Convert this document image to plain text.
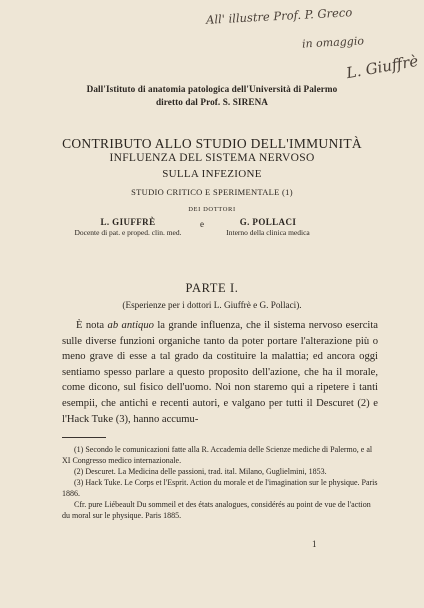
All' illustre Prof. P. Greco
in omaggio
L. Giuffrè
Dall'Istituto di anatomia patologica dell'Università di Palermo
diretto dal Prof. S. SIRENA
CONTRIBUTO ALLO STUDIO DELL'IMMUNITÀ
INFLUENZA DEL SISTEMA NERVOSO
SULLA INFEZIONE
STUDIO CRITICO E SPERIMENTALE (1)
DEI DOTTORI
L. GIUFFRÈ
Docente di pat. e proped. clin. med.
e	G. POLLACI
Interno della clinica medica
PARTE I.
(Esperienze per i dottori L. Giuffrè e G. Pollaci).

È nota ab antiquo la grande influenza, che il sistema nervoso esercita sulle diverse funzioni organiche tanto da poter portare l'alterazione più o meno grave di esse a tal grado da costituire la malattia; ed ancora oggi sentiamo spesso parlare a questo proposito dell'azione, che ha il morale, come dicono, sul fisico dell'uomo. Noi non staremo qui a ripetere i tanti esempii, che antichi e recenti autori, e valgano per tutti il Descuret (2) e l'Hack Tuke (3), hanno accumu-

(1) Secondo le comunicazioni fatte alla R. Accademia delle Scienze mediche di Palermo, e al XI Congresso medico internazionale.
(2) Descuret. La Medicina delle passioni, trad. ital. Milano, Guglielmini, 1853.
(3) Hack Tuke. Le Corps et l'Esprit. Action du morale et de l'imagination sur le physique. Paris 1886.
Cfr. pure Liébeault Du sommeil et des états analogues, considérés au point de vue de l'action du moral sur le physique. Paris 1885.
1
